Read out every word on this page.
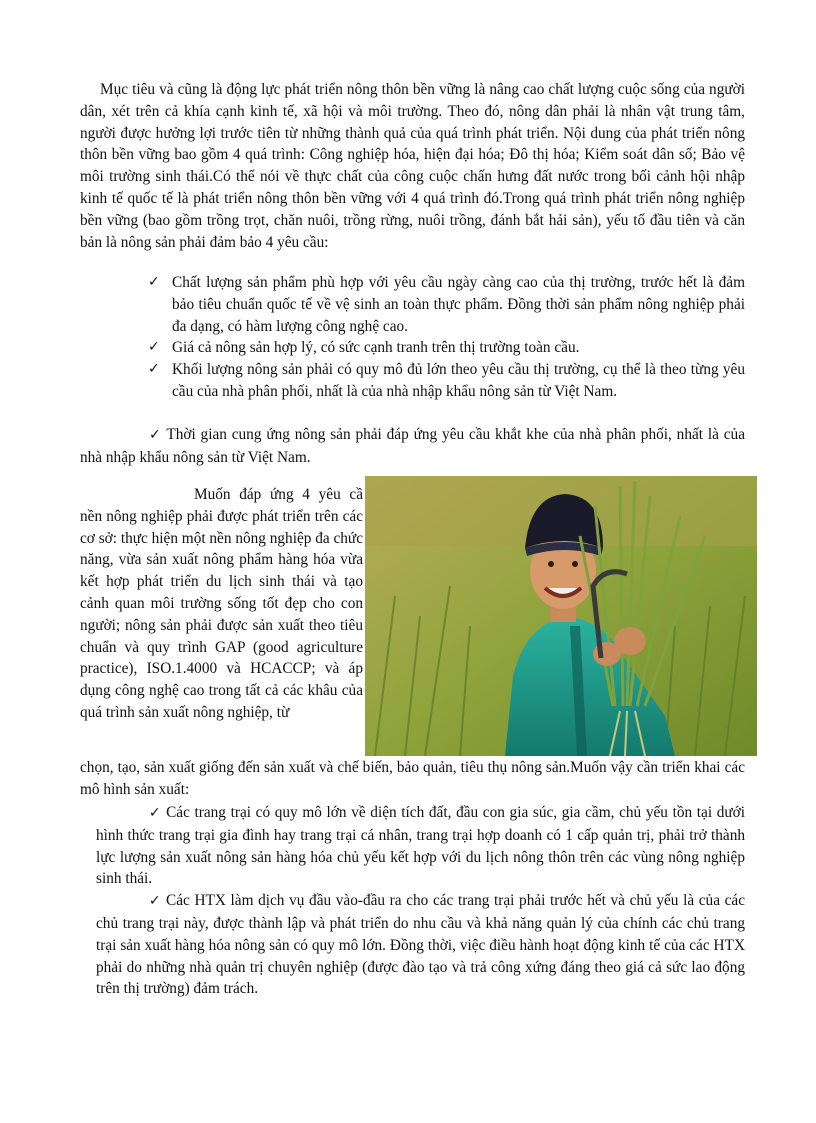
Mục tiêu và cũng là động lực phát triển nông thôn bền vững là nâng cao chất lượng cuộc sống của người dân, xét trên cả khía cạnh kinh tế, xã hội và môi trường. Theo đó, nông dân phải là nhân vật trung tâm, người được hưởng lợi trước tiên từ những thành quả của quá trình phát triển. Nội dung của phát triển nông thôn bền vững bao gồm 4 quá trình: Công nghiệp hóa, hiện đại hóa; Đô thị hóa; Kiểm soát dân số; Bảo vệ môi trường sinh thái.Có thể nói về thực chất của công cuộc chấn hưng đất nước trong bối cảnh hội nhập kinh tế quốc tế là phát triển nông thôn bền vững với 4 quá trình đó.Trong quá trình phát triển nông nghiệp bền vững (bao gồm trồng trọt, chăn nuôi, trồng rừng, nuôi trồng, đánh bắt hải sản), yếu tố đầu tiên và căn bản là nông sản phải đảm bảo 4 yêu cầu:

✓ Chất lượng sản phẩm phù hợp với yêu cầu ngày càng cao của thị trường, trước hết là đảm bảo tiêu chuẩn quốc tế về vệ sinh an toàn thực phẩm. Đồng thời sản phẩm nông nghiệp phải đa dạng, có hàm lượng công nghệ cao.
✓ Giá cả nông sản hợp lý, có sức cạnh tranh trên thị trường toàn cầu.
✓ Khối lượng nông sản phải có quy mô đủ lớn theo yêu cầu thị trường, cụ thể là theo từng yêu cầu của nhà phân phối, nhất là của nhà nhập khẩu nông sản từ Việt Nam.

✓ Thời gian cung ứng nông sản phải đáp ứng yêu cầu khắt khe của nhà phân phối, nhất là của nhà nhập khẩu nông sản từ Việt Nam.

Muốn đáp ứng 4 yêu cầ nền nông nghiệp phải được phát triển trên các cơ sở: thực hiện một nền nông nghiệp đa chức năng, vừa sản xuất nông phẩm hàng hóa vừa kết hợp phát triển du lịch sinh thái và tạo cảnh quan môi trường sống tốt đẹp cho con người; nông sản phải được sản xuất theo tiêu chuẩn và quy trình GAP (good agriculture practice), ISO.1.4000 và HCACCP; và áp dụng công nghệ cao trong tất cả các khâu của quá trình sản xuất nông nghiệp, từ

chọn, tạo, sản xuất giống đến sản xuất và chế biến, bảo quản, tiêu thụ nông sản.Muốn vậy cần triển khai các mô hình sản xuất:

✓ Các trang trại có quy mô lớn về diện tích đất, đầu con gia súc, gia cầm, chủ yếu tồn tại dưới hình thức trang trại gia đình hay trang trại cá nhân, trang trại hợp doanh có 1 cấp quản trị, phải trở thành lực lượng sản xuất nông sản hàng hóa chủ yếu kết hợp với du lịch nông thôn trên các vùng nông nghiệp sinh thái.
✓ Các HTX làm dịch vụ đầu vào-đầu ra cho các trang trại phải trước hết và chủ yếu là của các chủ trang trại này, được thành lập và phát triển do nhu cầu và khả năng quản lý của chính các chủ trang trại sản xuất hàng hóa nông sản có quy mô lớn. Đồng thời, việc điều hành hoạt động kinh tế của các HTX phải do những nhà quản trị chuyên nghiệp (được đào tạo và trả công xứng đáng theo giá cả sức lao động trên thị trường) đảm trách.
